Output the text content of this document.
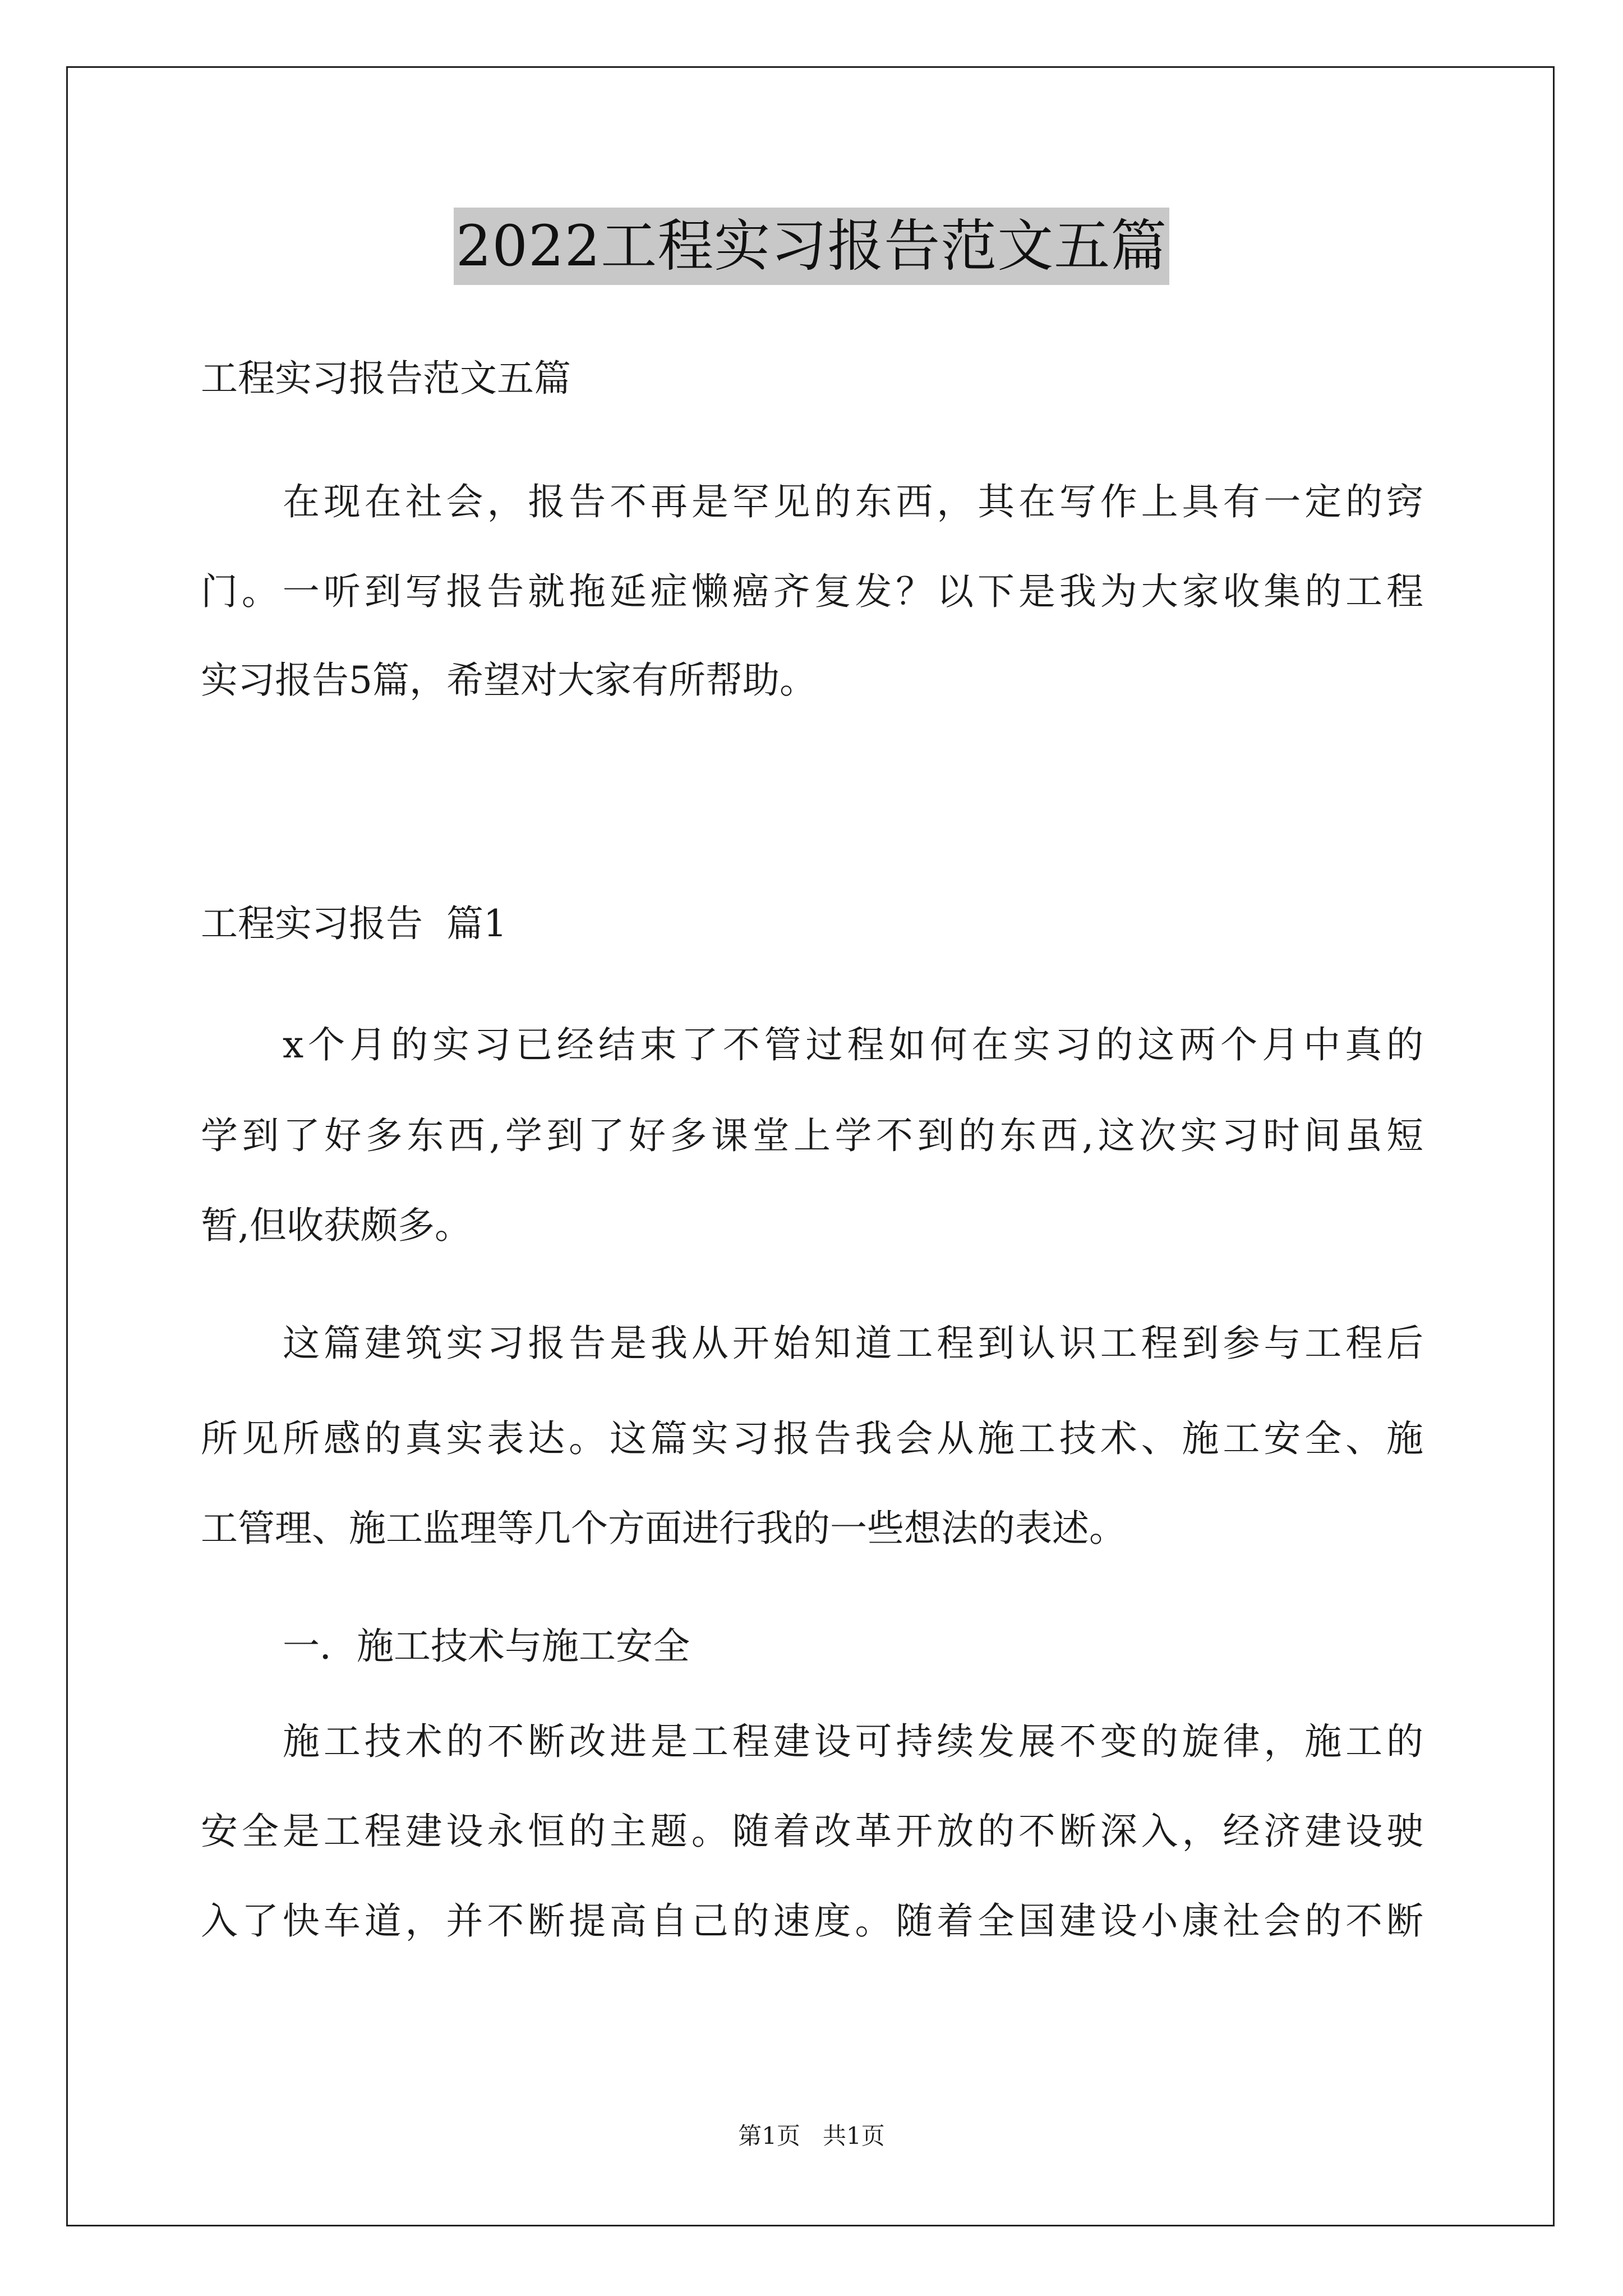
2022工程实习报告范文五篇
工程实习报告范文五篇
在现在社会，报告不再是罕见的东西，其在写作上具有一定的窍
门。一听到写报告就拖延症懒癌齐复发？以下是我为大家收集的工程
实习报告5篇，希望对大家有所帮助。
工程实习报告  篇1
x个月的实习已经结束了不管过程如何在实习的这两个月中真的
学到了好多东西,学到了好多课堂上学不到的东西,这次实习时间虽短
暂,但收获颇多。
这篇建筑实习报告是我从开始知道工程到认识工程到参与工程后
所见所感的真实表达。这篇实习报告我会从施工技术、施工安全、施
工管理、施工监理等几个方面进行我的一些想法的表述。
一．施工技术与施工安全
施工技术的不断改进是工程建设可持续发展不变的旋律，施工的
安全是工程建设永恒的主题。随着改革开放的不断深入，经济建设驶
入了快车道，并不断提高自己的速度。随着全国建设小康社会的不断
第1页   共1页
